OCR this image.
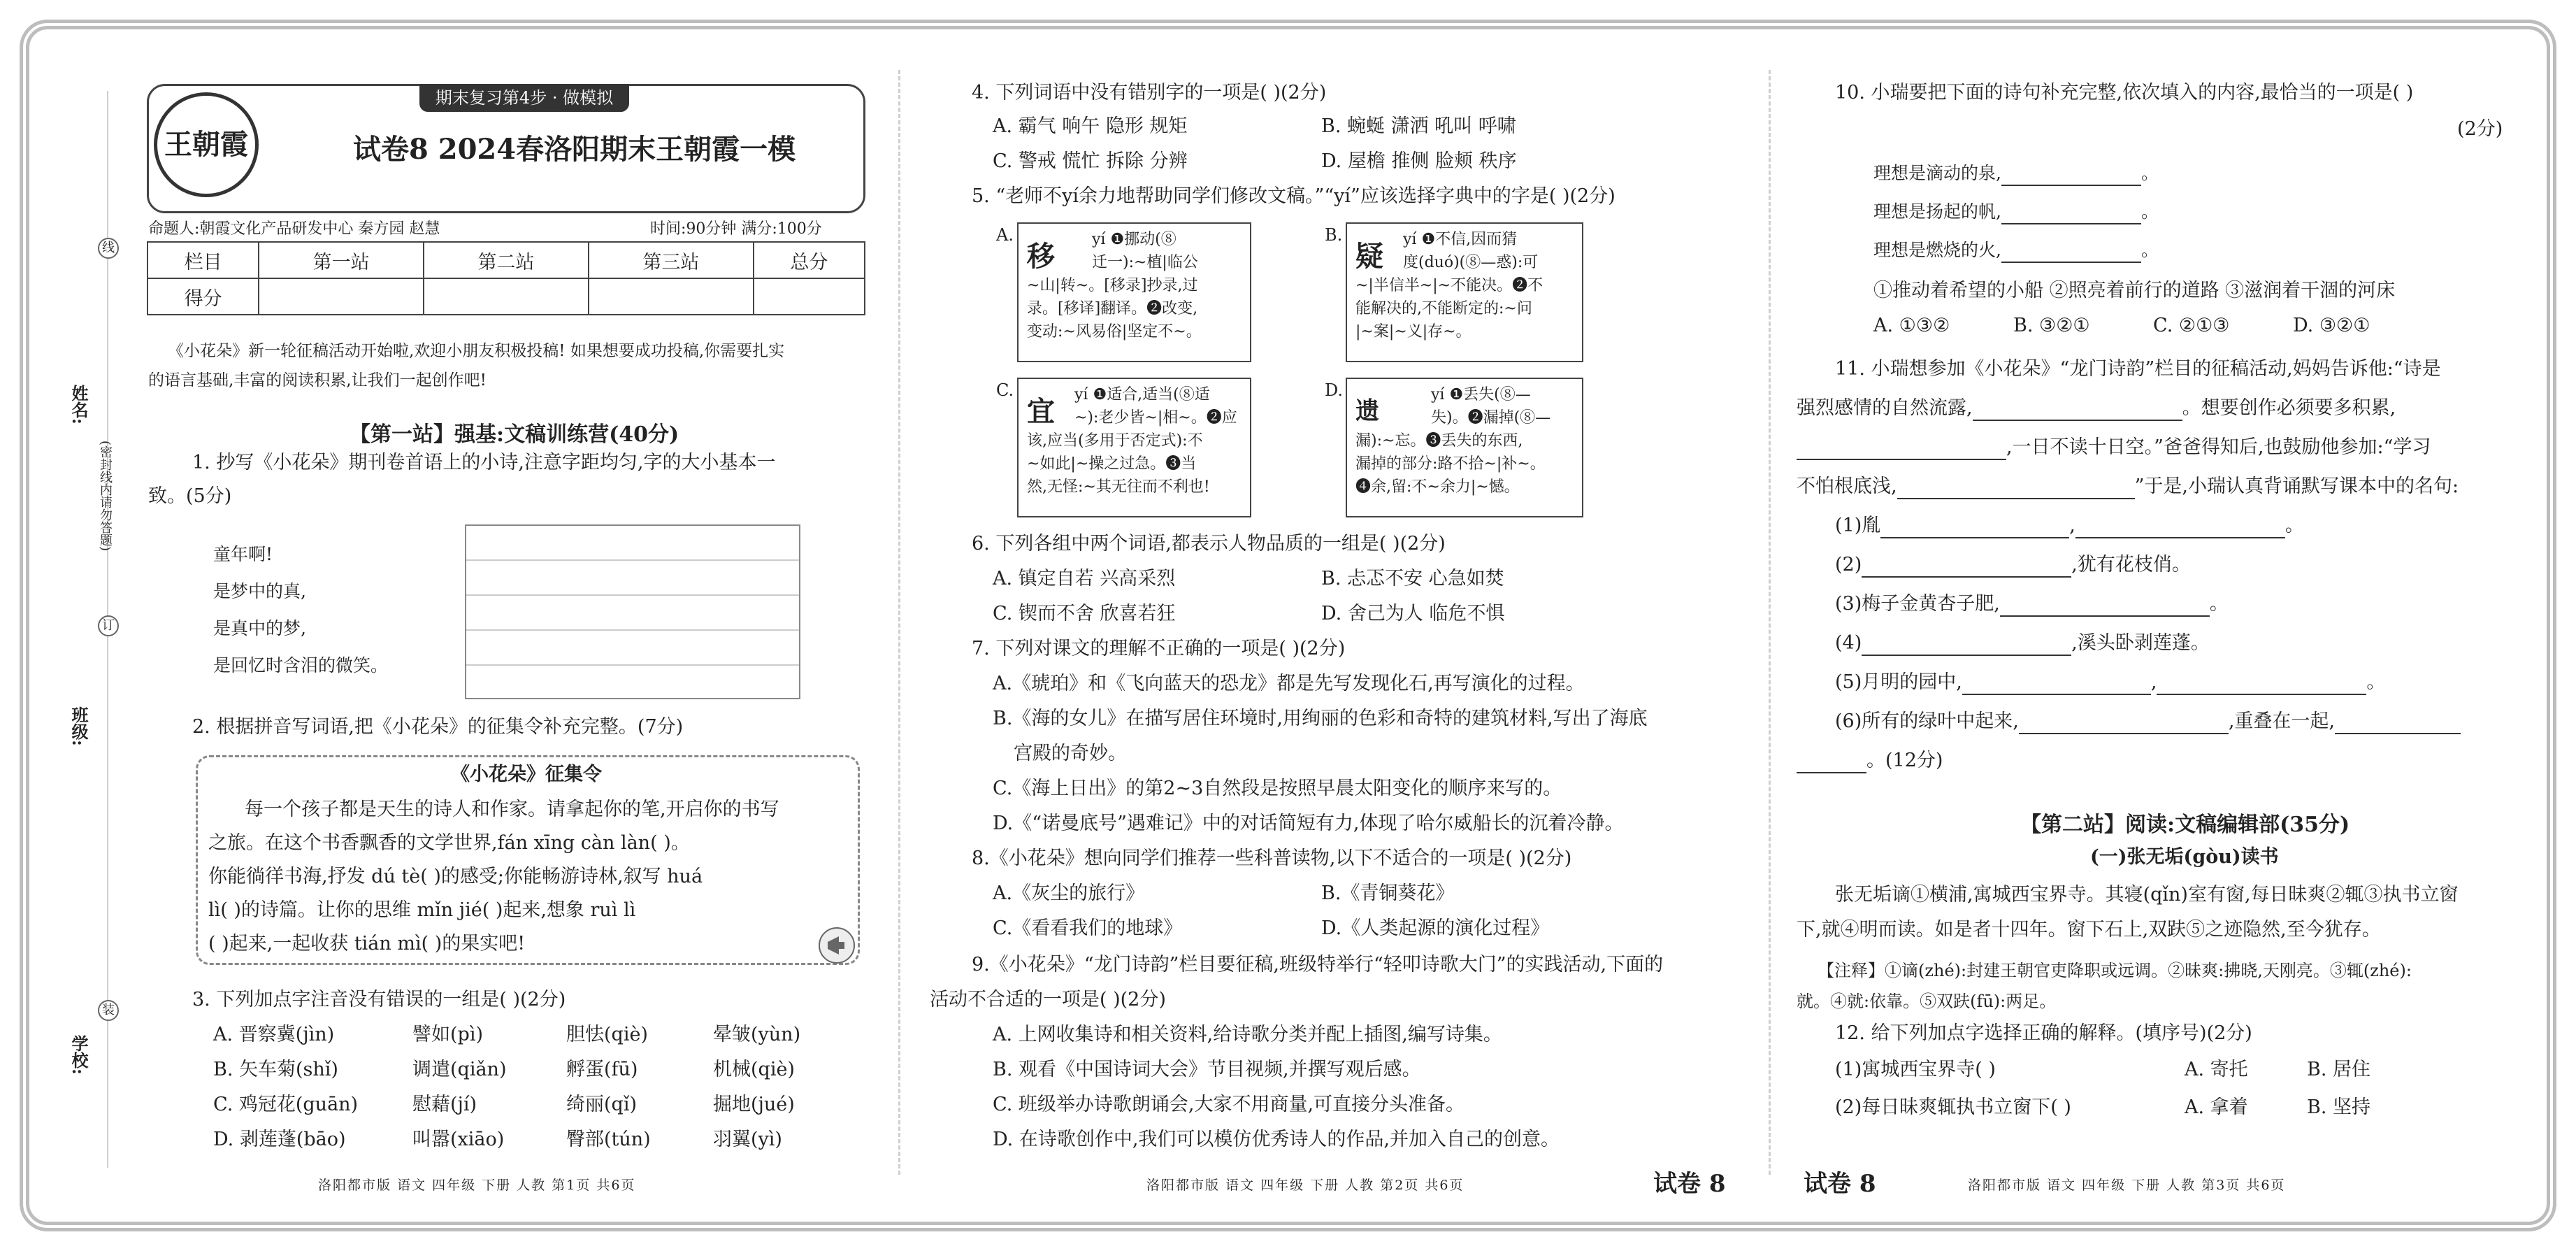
姓名:
班级:
学校:
(密封线内请勿答题)
线
订
装
王朝霞
期末复习第4步 · 做模拟
试卷8 2024春洛阳期末王朝霞一模
命题人:朝霞文化产品研发中心 秦方园 赵慧	时间:90分钟 满分:100分
栏目	第一站	第二站	第三站	总分
得分				
《小花朵》新一轮征稿活动开始啦,欢迎小朋友积极投稿! 如果想要成功投稿,你需要扎实
的语言基础,丰富的阅读积累,让我们一起创作吧!
【第一站】强基:文稿训练营(40分)
1. 抄写《小花朵》期刊卷首语上的小诗,注意字距均匀,字的大小基本一
致。(5分)
童年啊!
是梦中的真,
是真中的梦,
是回忆时含泪的微笑。
2. 根据拼音写词语,把《小花朵》的征集令补充完整。(7分)
《小花朵》征集令
每一个孩子都是天生的诗人和作家。请拿起你的笔,开启你的书写
之旅。在这个书香飘香的文学世界,fán xīng càn làn( )。
你能徜徉书海,抒发 dú tè( )的感受;你能畅游诗林,叙写 huá
lì( )的诗篇。让你的思维 mǐn jié( )起来,想象 ruì lì
( )起来,一起收获 tián mì( )的果实吧!
3. 下列加点字注音没有错误的一组是( )(2分)
A. 晋察冀(jìn)	譬如(pì)	胆怯(qiè)	晕皱(yùn)
B. 矢车菊(shǐ)	调遣(qiǎn)	孵蛋(fū)	机械(qiè)
C. 鸡冠花(guān)	慰藉(jí)	绮丽(qǐ)	掘地(jué)
D. 剥莲蓬(bāo)	叫嚣(xiāo)	臀部(tún)	羽翼(yì)
洛阳都市版 语文 四年级 下册 人教 第1页 共6页
4. 下列词语中没有错别字的一项是( )(2分)
A. 霸气 响午 隐形 规矩	B. 蜿蜒 潇洒 吼叫 呼啸
C. 警戒 慌忙 拆除 分辨	D. 屋檐 推侧 脸颊 秩序
5. “老师不yí余力地帮助同学们修改文稿。”“yí”应该选择字典中的字是( )(2分)
A.
移
yí ❶挪动(⑧
迁一):~植|临公
~山|转~。[移录]抄录,过
录。[移译]翻译。❷改变,
变动:~风易俗|坚定不~。
B.
疑
yí ❶不信,因而猜
度(duó)(⑧—惑):可
~|半信半~|~不能决。❷不
能解决的,不能断定的:~问
|~案|~义|存~。
C.
宜
yí ❶适合,适当(⑧适
~):老少皆~|相~。❷应
该,应当(多用于否定式):不
~如此|~操之过急。❸当
然,无怪:~其无往而不利也!
D.
遗
yí ❶丢失(⑧—
失)。❷漏掉(⑧—
漏):~忘。❸丢失的东西,
漏掉的部分:路不拾~|补~。
❹余,留:不~余力|~憾。
6. 下列各组中两个词语,都表示人物品质的一组是( )(2分)
A. 镇定自若 兴高采烈	B. 忐忑不安 心急如焚
C. 锲而不舍 欣喜若狂	D. 舍己为人 临危不惧
7. 下列对课文的理解不正确的一项是( )(2分)
A.《琥珀》和《飞向蓝天的恐龙》都是先写发现化石,再写演化的过程。
B.《海的女儿》在描写居住环境时,用绚丽的色彩和奇特的建筑材料,写出了海底
宫殿的奇妙。
C.《海上日出》的第2~3自然段是按照早晨太阳变化的顺序来写的。
D.《“诺曼底号”遇难记》中的对话简短有力,体现了哈尔威船长的沉着冷静。
8.《小花朵》想向同学们推荐一些科普读物,以下不适合的一项是( )(2分)
A.《灰尘的旅行》	B.《青铜葵花》
C.《看看我们的地球》	D.《人类起源的演化过程》
9.《小花朵》“龙门诗韵”栏目要征稿,班级特举行“轻叩诗歌大门”的实践活动,下面的
活动不合适的一项是( )(2分)
A. 上网收集诗和相关资料,给诗歌分类并配上插图,编写诗集。
B. 观看《中国诗词大会》节目视频,并撰写观后感。
C. 班级举办诗歌朗诵会,大家不用商量,可直接分头准备。
D. 在诗歌创作中,我们可以模仿优秀诗人的作品,并加入自己的创意。
洛阳都市版 语文 四年级 下册 人教 第2页 共6页	试卷 8	试卷 8
10. 小瑞要把下面的诗句补充完整,依次填入的内容,最恰当的一项是( )
(2分)
理想是滴动的泉,	。
理想是扬起的帆,	。
理想是燃烧的火,	。
①推动着希望的小船 ②照亮着前行的道路 ③滋润着干涸的河床
A. ①③②	B. ③②①	C. ②①③	D. ③②①
11. 小瑞想参加《小花朵》“龙门诗韵”栏目的征稿活动,妈妈告诉他:“诗是
强烈感情的自然流露,	。想要创作必须要多积累,
,一日不读十日空。”爸爸得知后,也鼓励他参加:“学习
不怕根底浅,	”于是,小瑞认真背诵默写课本中的名句:
(1)胤	,	。
(2)	,犹有花枝俏。
(3)梅子金黄杏子肥,	。
(4)	,溪头卧剥莲蓬。
(5)月明的园中,	,	。
(6)所有的绿叶中起来,	,重叠在一起,
。(12分)
【第二站】阅读:文稿编辑部(35分)
(一)张无垢(gòu)读书
张无垢谪①横浦,寓城西宝界寺。其寝(qǐn)室有窗,每日昧爽②辄③执书立窗
下,就④明而读。如是者十四年。窗下石上,双趺⑤之迹隐然,至今犹存。
【注释】①谪(zhé):封建王朝官吏降职或远调。②昧爽:拂晓,天刚亮。③辄(zhé):
就。④就:依靠。⑤双趺(fū):两足。
12. 给下列加点字选择正确的解释。(填序号)(2分)
(1)寓城西宝界寺( )	A. 寄托	B. 居住
(2)每日昧爽辄执书立窗下( )	A. 拿着	B. 坚持
洛阳都市版 语文 四年级 下册 人教 第3页 共6页
